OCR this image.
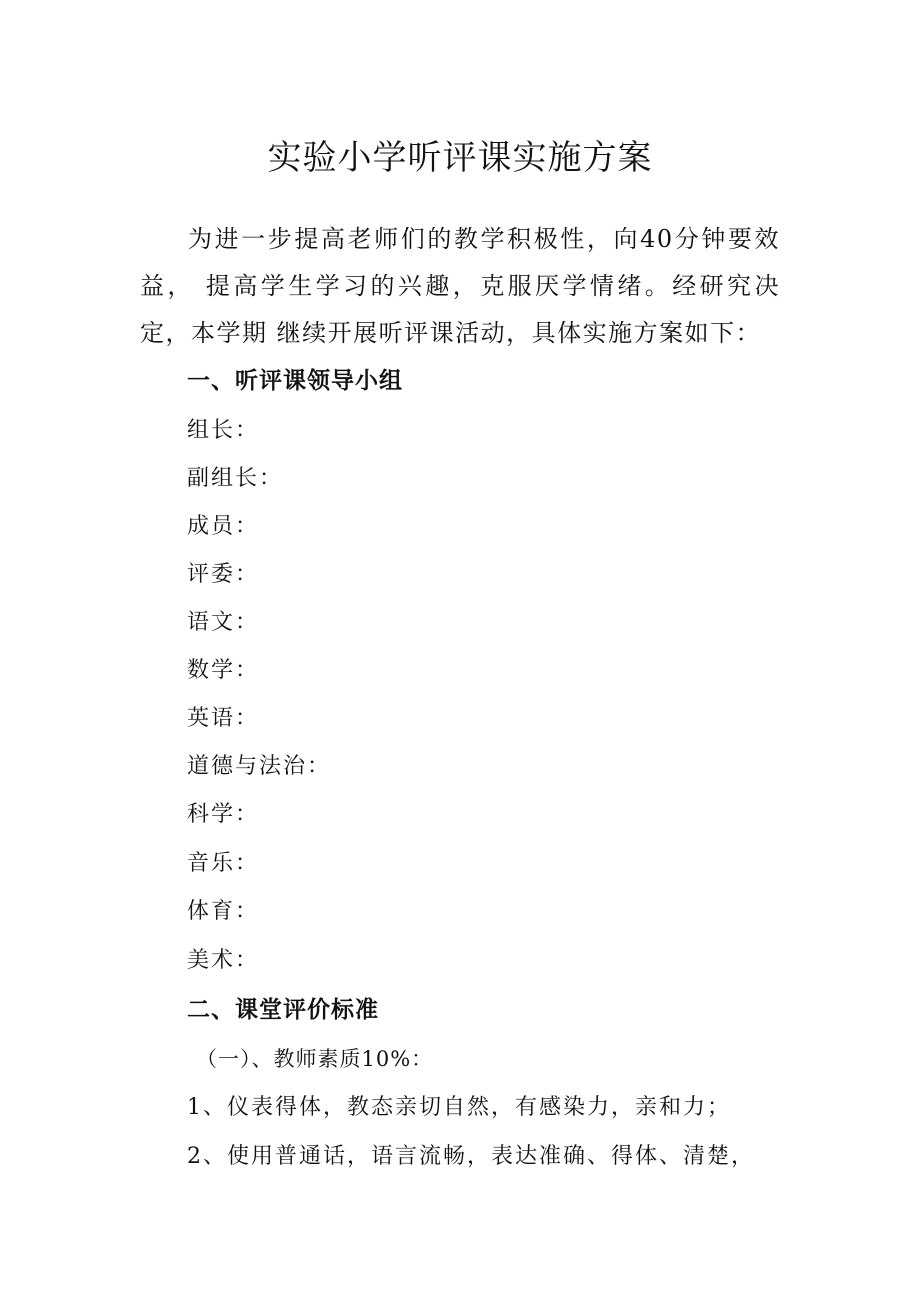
实验小学听评课实施方案
为进一步提高老师们的教学积极性，向40分钟要效益， 提高学生学习的兴趣，克服厌学情绪。经研究决定，本学期 继续开展听评课活动，具体实施方案如下：
一、听评课领导小组
组长：
副组长：
成员：
评委：
语文：
数学：
英语：
道德与法治：
科学：
音乐：
体育：
美术：
二、课堂评价标准
（一）、教师素质10%：
1、仪表得体，教态亲切自然，有感染力，亲和力；
2、使用普通话，语言流畅，表达准确、得体、清楚，
